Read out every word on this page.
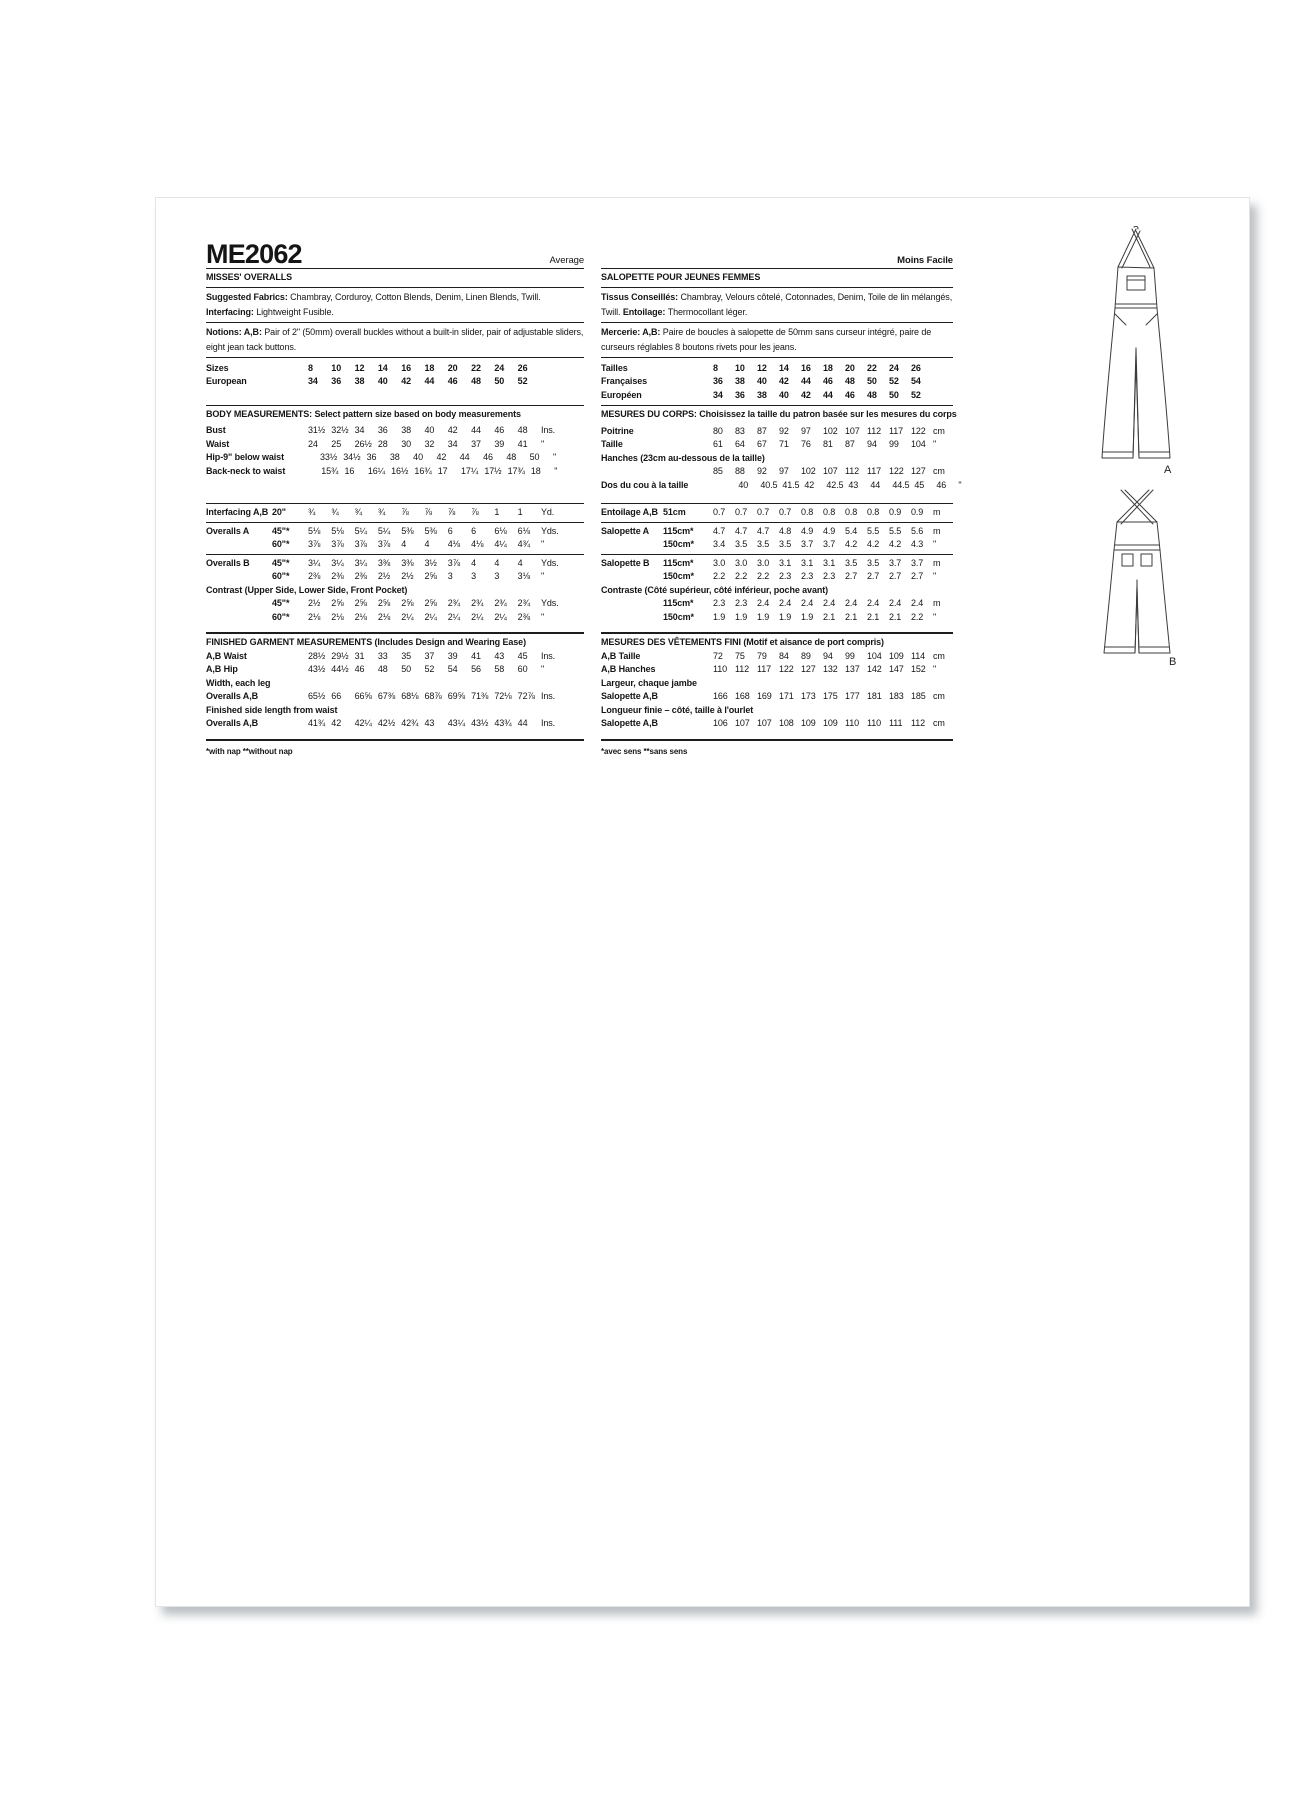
ME2062	Average
MISSES' OVERALLS
Suggested Fabrics: Chambray, Corduroy, Cotton Blends, Denim, Linen Blends, Twill. Interfacing: Lightweight Fusible.
Notions: A,B: Pair of 2" (50mm) overall buckles without a built-in slider, pair of adjustable sliders, eight jean tack buttons.
Sizes	8	10	12	14	16	18	20	22	24	26
European	34	36	38	40	42	44	46	48	50	52
BODY MEASUREMENTS: Select pattern size based on body measurements
Bust	31½ 32½ 34	36	38	40	42	44	46	48	Ins.
Waist	24	25	26½ 28	30	32	34	37	39	41	"
Hip-9" below waist	33½ 34½ 36	38	40	42	44	46	48	50	"
Back-neck to waist	15¾ 16	16¼ 16½ 16¾ 17	17¼ 17½ 17¾ 18	"
Interfacing A,B 20"	¾	¾	¾	¾	⅞	⅞	⅞	⅞	1	1	Yd.
Overalls A	45"*	5⅛	5⅛	5¼	5¼	5⅜	5⅜	6	6	6⅛	6⅛	Yds.
60"*	3⅞	3⅞	3⅞	3⅞	4	4	4⅛	4⅛	4¼	4¾	"
Overalls B	45"*	3¼	3¼	3¼	3⅜	3⅜	3½	3⅞	4	4	4	Yds.
60"*	2⅜	2⅜	2⅜	2½	2½	2⅝	3	3	3	3⅛	"
Contrast (Upper Side, Lower Side, Front Pocket)
45"*	2½	2⅝	2⅝	2⅝	2⅝	2⅝	2¾	2¾	2¾	2¾	Yds.
60"*	2⅛	2⅛	2⅛	2⅛	2¼	2¼	2¼	2¼	2¼	2⅜	"
FINISHED GARMENT MEASUREMENTS (Includes Design and Wearing Ease)
A,B Waist	28½ 29½ 31	33	35	37	39	41	43	45	Ins.
A,B Hip	43½ 44½ 46	48	50	52	54	56	58	60	"
Width, each leg
Overalls A,B	65½ 66	66⅝ 67⅜ 68⅛ 68⅞ 69⅝ 71⅜ 72⅛ 72⅞ Ins.
Finished side length from waist
Overalls A,B	41¾ 42	42¼ 42½ 42¾ 43	43¼ 43½ 43¾ 44	Ins.
*with nap **without nap
Moins Facile
SALOPETTE POUR JEUNES FEMMES
Tissus Conseillés: Chambray, Velours côtelé, Cotonnades, Denim, Toile de lin mélangés, Twill. Entoilage: Thermocollant léger.
Mercerie: A,B: Paire de boucles à salopette de 50mm sans curseur intégré, paire de curseurs réglables 8 boutons rivets pour les jeans.
Tailles	8	10	12	14	16	18	20	22	24	26
Françaises	36	38	40	42	44	46	48	50	52	54
Européen	34	36	38	40	42	44	46	48	50	52
MESURES DU CORPS: Choisissez la taille du patron basée sur les mesures du corps
Poitrine	80	83	87	92	97	102 107 112 117 122 cm
Taille	61	64	67	71	76	81	87	94	99	104 "
Hanches (23cm au-dessous de la taille)
85	88	92	97	102 107 112 117 122 127 cm
Dos du cou à la taille	40	40.5 41.5 42	42.5 43	44	44.5 45	46	"
Entoilage A,B 51cm	0.7	0.7	0.7	0.7	0.8	0.8	0.8	0.8	0.9	0.9	m
Salopette A	115cm*	4.7	4.7	4.7	4.8	4.9	4.9	5.4	5.5	5.5	5.6	m
150cm*	3.4	3.5	3.5	3.5	3.7	3.7	4.2	4.2	4.2	4.3	"
Salopette B	115cm*	3.0	3.0	3.0	3.1	3.1	3.1	3.5	3.5	3.7	3.7	m
150cm*	2.2	2.2	2.2	2.3	2.3	2.3	2.7	2.7	2.7	2.7	"
Contraste (Côté supérieur, côté inférieur, poche avant)
115cm*	2.3	2.3	2.4	2.4	2.4	2.4	2.4	2.4	2.4	2.4	m
150cm*	1.9	1.9	1.9	1.9	1.9	2.1	2.1	2.1	2.1	2.2	"
MESURES DES VÊTEMENTS FINI (Motif et aisance de port compris)
A,B Taille	72	75	79	84	89	94	99	104 109 114 cm
A,B Hanches	110 112 117 122 127 132 137 142 147 152 "
Largeur, chaque jambe
Salopette A,B	166 168 169 171 173 175 177 181 183 185 cm
Longueur finie – côté, taille à l'ourlet
Salopette A,B	106 107 107 108 109 109 110 110 111 112 cm
*avec sens **sans sens
A
B
